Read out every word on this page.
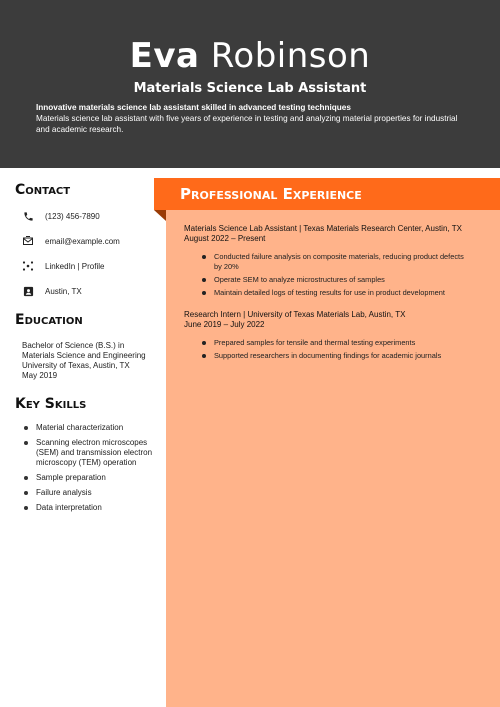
Eva Robinson
Materials Science Lab Assistant
Innovative materials science lab assistant skilled in advanced testing techniques
Materials science lab assistant with five years of experience in testing and analyzing material properties for industrial and academic research.
Professional Experience
Contact
(123) 456-7890
email@example.com
LinkedIn | Profile
Austin, TX
Education
Bachelor of Science (B.S.) in Materials Science and Engineering
University of Texas, Austin, TX
May 2019
Key Skills
Material characterization
Scanning electron microscopes (SEM) and transmission electron microscopy (TEM) operation
Sample preparation
Failure analysis
Data interpretation
Materials Science Lab Assistant | Texas Materials Research Center, Austin, TX
August 2022 – Present
Conducted failure analysis on composite materials, reducing product defects by 20%
Operate SEM to analyze microstructures of samples
Maintain detailed logs of testing results for use in product development
Research Intern | University of Texas Materials Lab, Austin, TX
June 2019 – July 2022
Prepared samples for tensile and thermal testing experiments
Supported researchers in documenting findings for academic journals
